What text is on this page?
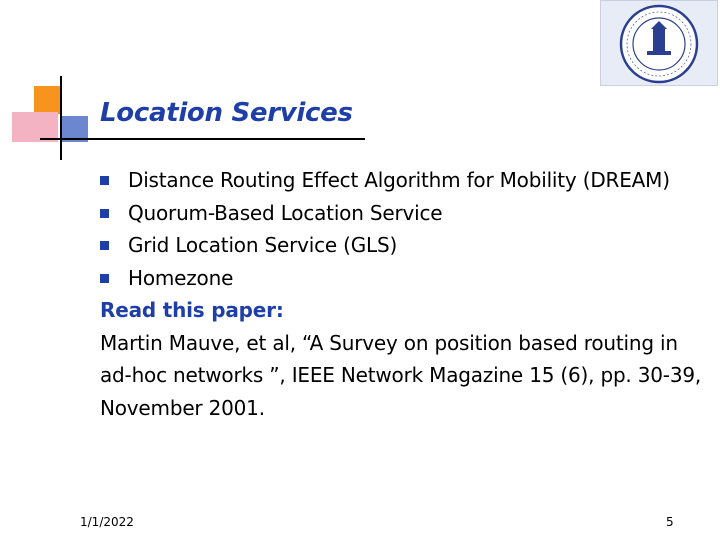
Location Services
Distance Routing Effect Algorithm for Mobility (DREAM)
Quorum-Based Location Service
Grid Location Service (GLS)
Homezone
Read this paper:
Martin Mauve, et al, “A Survey on position based routing in ad-hoc networks ”, IEEE Network Magazine 15 (6), pp. 30-39, November 2001.
1/1/2022	5
